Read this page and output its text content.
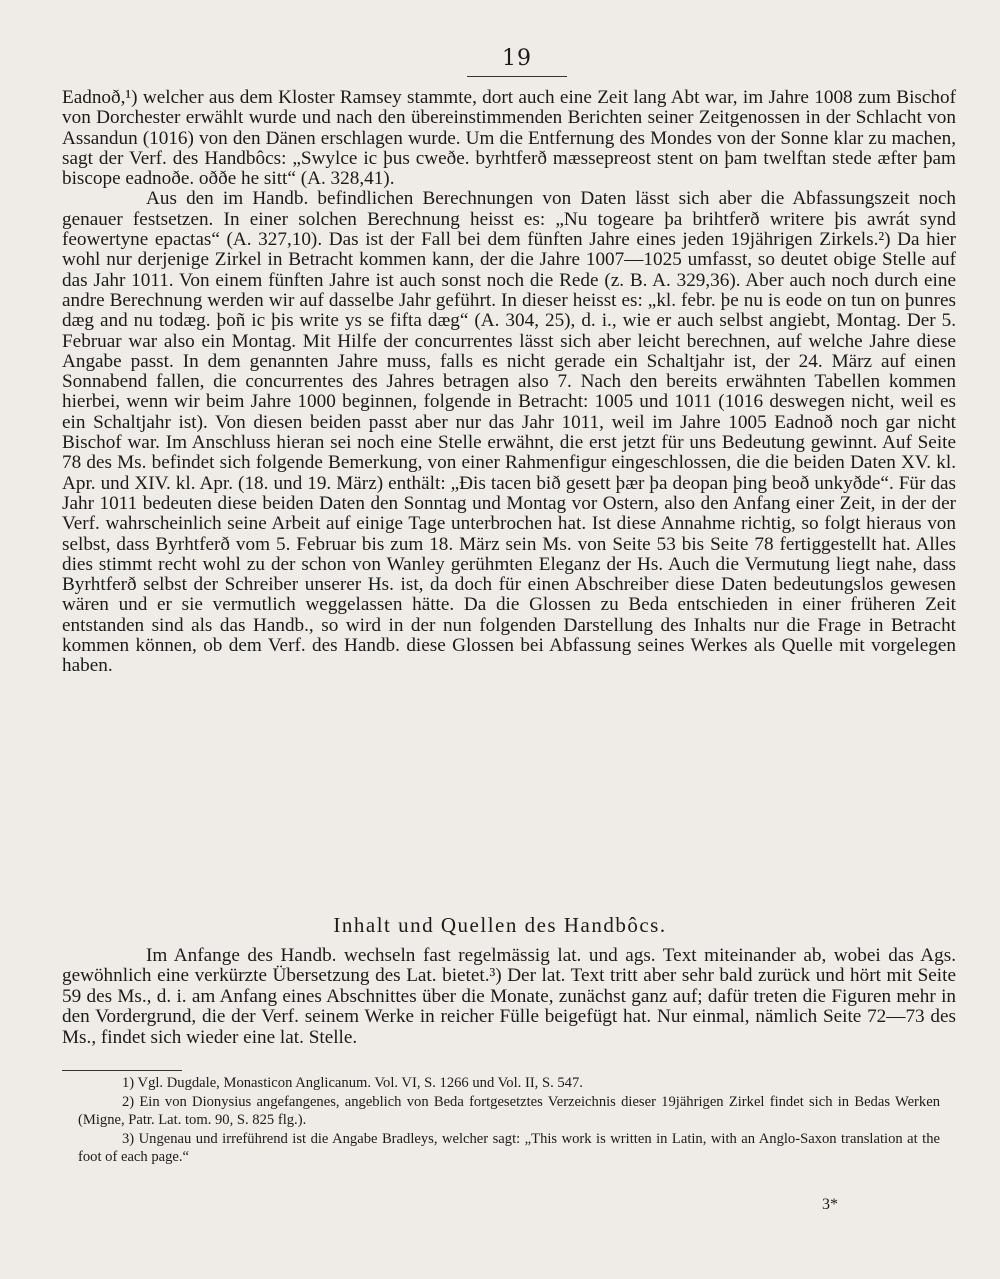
19

Eadnoð,¹) welcher aus dem Kloster Ramsey stammte, dort auch eine Zeit lang Abt war, im Jahre 1008 zum Bischof von Dorchester erwählt wurde und nach den übereinstimmenden Berichten seiner Zeitgenossen in der Schlacht von Assandun (1016) von den Dänen erschlagen wurde. Um die Entfernung des Mondes von der Sonne klar zu machen, sagt der Verf. des Handbôcs: „Swylce ic þus cweðe. byrhtferð mæssepreost stent on þam twelftan stede æfter þam biscope eadnoðe. oððe he sitt“ (A. 328,41).

Aus den im Handb. befindlichen Berechnungen von Daten lässt sich aber die Abfassungszeit noch genauer festsetzen. In einer solchen Berechnung heisst es: „Nu togeare þa brihtferð writere þis awrát synd feowertyne epactas“ (A. 327,10). Das ist der Fall bei dem fünften Jahre eines jeden 19jährigen Zirkels.²) Da hier wohl nur derjenige Zirkel in Betracht kommen kann, der die Jahre 1007—1025 umfasst, so deutet obige Stelle auf das Jahr 1011. Von einem fünften Jahre ist auch sonst noch die Rede (z. B. A. 329,36). Aber auch noch durch eine andre Berechnung werden wir auf dasselbe Jahr geführt. In dieser heisst es: „kl. febr. þe nu is eode on tun on þunres dæg and nu todæg. þoñ ic þis write ys se fifta dæg“ (A. 304, 25), d. i., wie er auch selbst angiebt, Montag. Der 5. Februar war also ein Montag. Mit Hilfe der concurrentes lässt sich aber leicht berechnen, auf welche Jahre diese Angabe passt. In dem genannten Jahre muss, falls es nicht gerade ein Schaltjahr ist, der 24. März auf einen Sonnabend fallen, die concurrentes des Jahres betragen also 7. Nach den bereits erwähnten Tabellen kommen hierbei, wenn wir beim Jahre 1000 beginnen, folgende in Betracht: 1005 und 1011 (1016 deswegen nicht, weil es ein Schaltjahr ist). Von diesen beiden passt aber nur das Jahr 1011, weil im Jahre 1005 Eadnoð noch gar nicht Bischof war. Im Anschluss hieran sei noch eine Stelle erwähnt, die erst jetzt für uns Bedeutung gewinnt. Auf Seite 78 des Ms. befindet sich folgende Bemerkung, von einer Rahmenfigur eingeschlossen, die die beiden Daten XV. kl. Apr. und XIV. kl. Apr. (18. und 19. März) enthält: „Ðis tacen bið gesett þær þa deopan þing beoð unkyðde“. Für das Jahr 1011 bedeuten diese beiden Daten den Sonntag und Montag vor Ostern, also den Anfang einer Zeit, in der der Verf. wahrscheinlich seine Arbeit auf einige Tage unterbrochen hat. Ist diese Annahme richtig, so folgt hieraus von selbst, dass Byrhtferð vom 5. Februar bis zum 18. März sein Ms. von Seite 53 bis Seite 78 fertiggestellt hat. Alles dies stimmt recht wohl zu der schon von Wanley gerühmten Eleganz der Hs. Auch die Vermutung liegt nahe, dass Byrhtferð selbst der Schreiber unserer Hs. ist, da doch für einen Abschreiber diese Daten bedeutungslos gewesen wären und er sie vermutlich weggelassen hätte. Da die Glossen zu Beda entschieden in einer früheren Zeit entstanden sind als das Handb., so wird in der nun folgenden Darstellung des Inhalts nur die Frage in Betracht kommen können, ob dem Verf. des Handb. diese Glossen bei Abfassung seines Werkes als Quelle mit vorgelegen haben.

Inhalt und Quellen des Handbôcs.

Im Anfange des Handb. wechseln fast regelmässig lat. und ags. Text miteinander ab, wobei das Ags. gewöhnlich eine verkürzte Übersetzung des Lat. bietet.³) Der lat. Text tritt aber sehr bald zurück und hört mit Seite 59 des Ms., d. i. am Anfang eines Abschnittes über die Monate, zunächst ganz auf; dafür treten die Figuren mehr in den Vordergrund, die der Verf. seinem Werke in reicher Fülle beigefügt hat. Nur einmal, nämlich Seite 72—73 des Ms., findet sich wieder eine lat. Stelle.

1) Vgl. Dugdale, Monasticon Anglicanum. Vol. VI, S. 1266 und Vol. II, S. 547.

2) Ein von Dionysius angefangenes, angeblich von Beda fortgesetztes Verzeichnis dieser 19jährigen Zirkel findet sich in Bedas Werken (Migne, Patr. Lat. tom. 90, S. 825 flg.).

3) Ungenau und irreführend ist die Angabe Bradleys, welcher sagt: „This work is written in Latin, with an Anglo-Saxon translation at the foot of each page.“

3*
